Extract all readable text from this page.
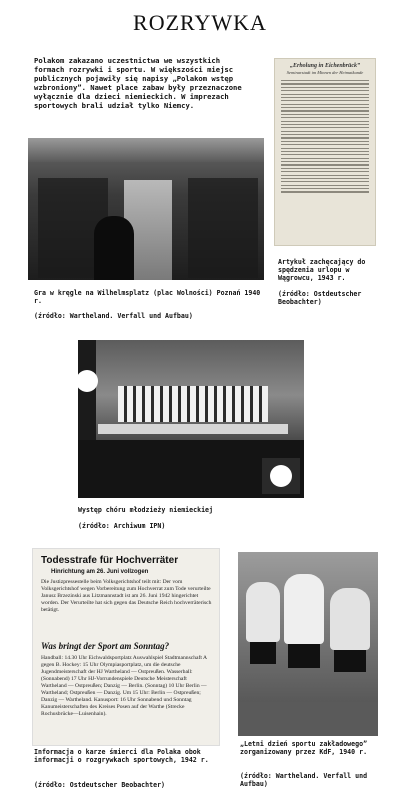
ROZRYWKA
Polakom zakazano uczestnictwa we wszystkich formach rozrywki i sportu. W większości miejsc publicznych pojawiły się napisy „Polakom wstęp wzbroniony”. Nawet place zabaw były przeznaczone wyłącznie dla dzieci niemieckich. W imprezach sportowych brali udział tylko Niemcy.
Gra w kręgle na Wilhelmsplatz (plac Wolności) Poznań 1940 r.
(źródło: Wartheland. Verfall und Aufbau)
„Erholung in Eichenbrück”
Seminarstadt im Minnen der Heimatkunde
Artykuł zachęcający do spędzenia urlopu w Wągrowcu, 1943 r.
(źródło: Ostdeutscher Beobachter)
Występ chóru młodzieży niemieckiej
(źródło: Archiwum IPN)
Todesstrafe für Hochverräter
Hinrichtung am 26. Juni vollzogen
Die Justizpressestelle beim Volksgerichtshof teilt mit: Der vom Volksgerichtshof wegen Vorbereitung zum Hochverrat zum Tode verurteilte Janusz Brzezinski aus Litzmannstadt ist am 26. Juni 1942 hingerichtet worden. Der Verurteilte hat sich gegen das Deutsche Reich hochverräterisch betätigt.
Was bringt der Sport am Sonntag?
Handball: 14.30 Uhr Eichwaldsportplatz Auswahlspiel Stadtmannschaft A gegen B. Hockey: 15 Uhr Olympiasportplatz, um die deutsche Jugendmeisterschaft der HJ Wartheland — Ostpreußen. Wasserball: (Sonnabend) 17 Uhr HJ-Vorrundenspiele Deutsche Meisterschaft Wartheland — Ostpreußen; Danzig — Berlin. (Sonntag) 10 Uhr Berlin — Wartheland; Ostpreußen — Danzig. Um 15 Uhr: Berlin — Ostpreußen; Danzig — Wartheland. Kanusport: 16 Uhr Sonnabend und Sonntag Kanumeisterschaften des Kreises Posen auf der Warthe (Strecke Rochusbrücke—Luisenhain).
Informacja o karze śmierci dla Polaka obok informacji o rozgrywkach sportowych, 1942 r.
(źródło: Ostdeutscher Beobachter)
„Letni dzień sportu zakładowego” zorganizowany przez KdF, 1940 r.
(źródło: Wartheland. Verfall und Aufbau)
